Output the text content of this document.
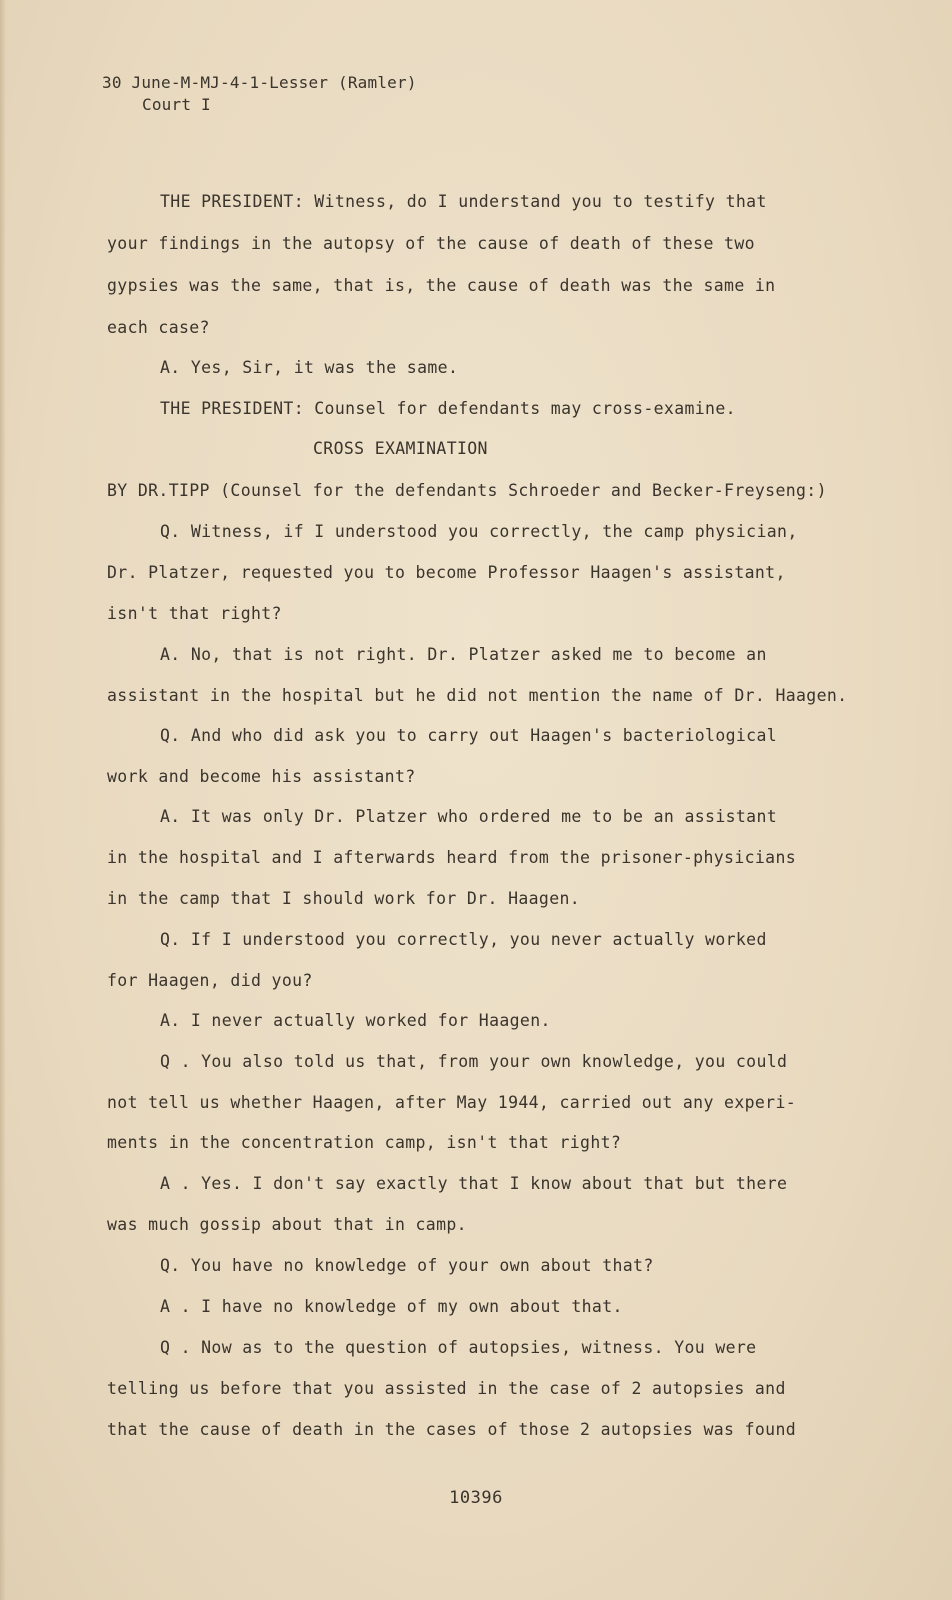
30 June-M-MJ-4-1-Lesser (Ramler)
Court I
THE PRESIDENT: Witness, do I understand you to testify that
your findings in the autopsy of the cause of death of these two
gypsies was the same, that is, the cause of death was the same in
each case?
A. Yes, Sir, it was the same.
THE PRESIDENT: Counsel for defendants may cross-examine.
CROSS EXAMINATION
BY DR.TIPP (Counsel for the defendants Schroeder and Becker-Freyseng:)
Q. Witness, if I understood you correctly, the camp physician,
Dr. Platzer, requested you to become Professor Haagen's assistant,
isn't that right?
A. No, that is not right. Dr. Platzer asked me to become an
assistant in the hospital but he did not mention the name of Dr. Haagen.
Q. And who did ask you to carry out Haagen's bacteriological
work and become his assistant?
A. It was only Dr. Platzer who ordered me to be an assistant
in the hospital and I afterwards heard from the prisoner-physicians
in the camp that I should work for Dr. Haagen.
Q. If I understood you correctly, you never actually worked
for Haagen, did you?
A. I never actually worked for Haagen.
Q . You also told us that, from your own knowledge, you could
not tell us whether Haagen, after May 1944, carried out any experi-
ments in the concentration camp, isn't that right?
A . Yes. I don't say exactly that I know about that but there
was much gossip about that in camp.
Q. You have no knowledge of your own about that?
A . I have no knowledge of my own about that.
Q . Now as to the question of autopsies, witness. You were
telling us before that you assisted in the case of 2 autopsies and
that the cause of death in the cases of those 2 autopsies was found
10396
